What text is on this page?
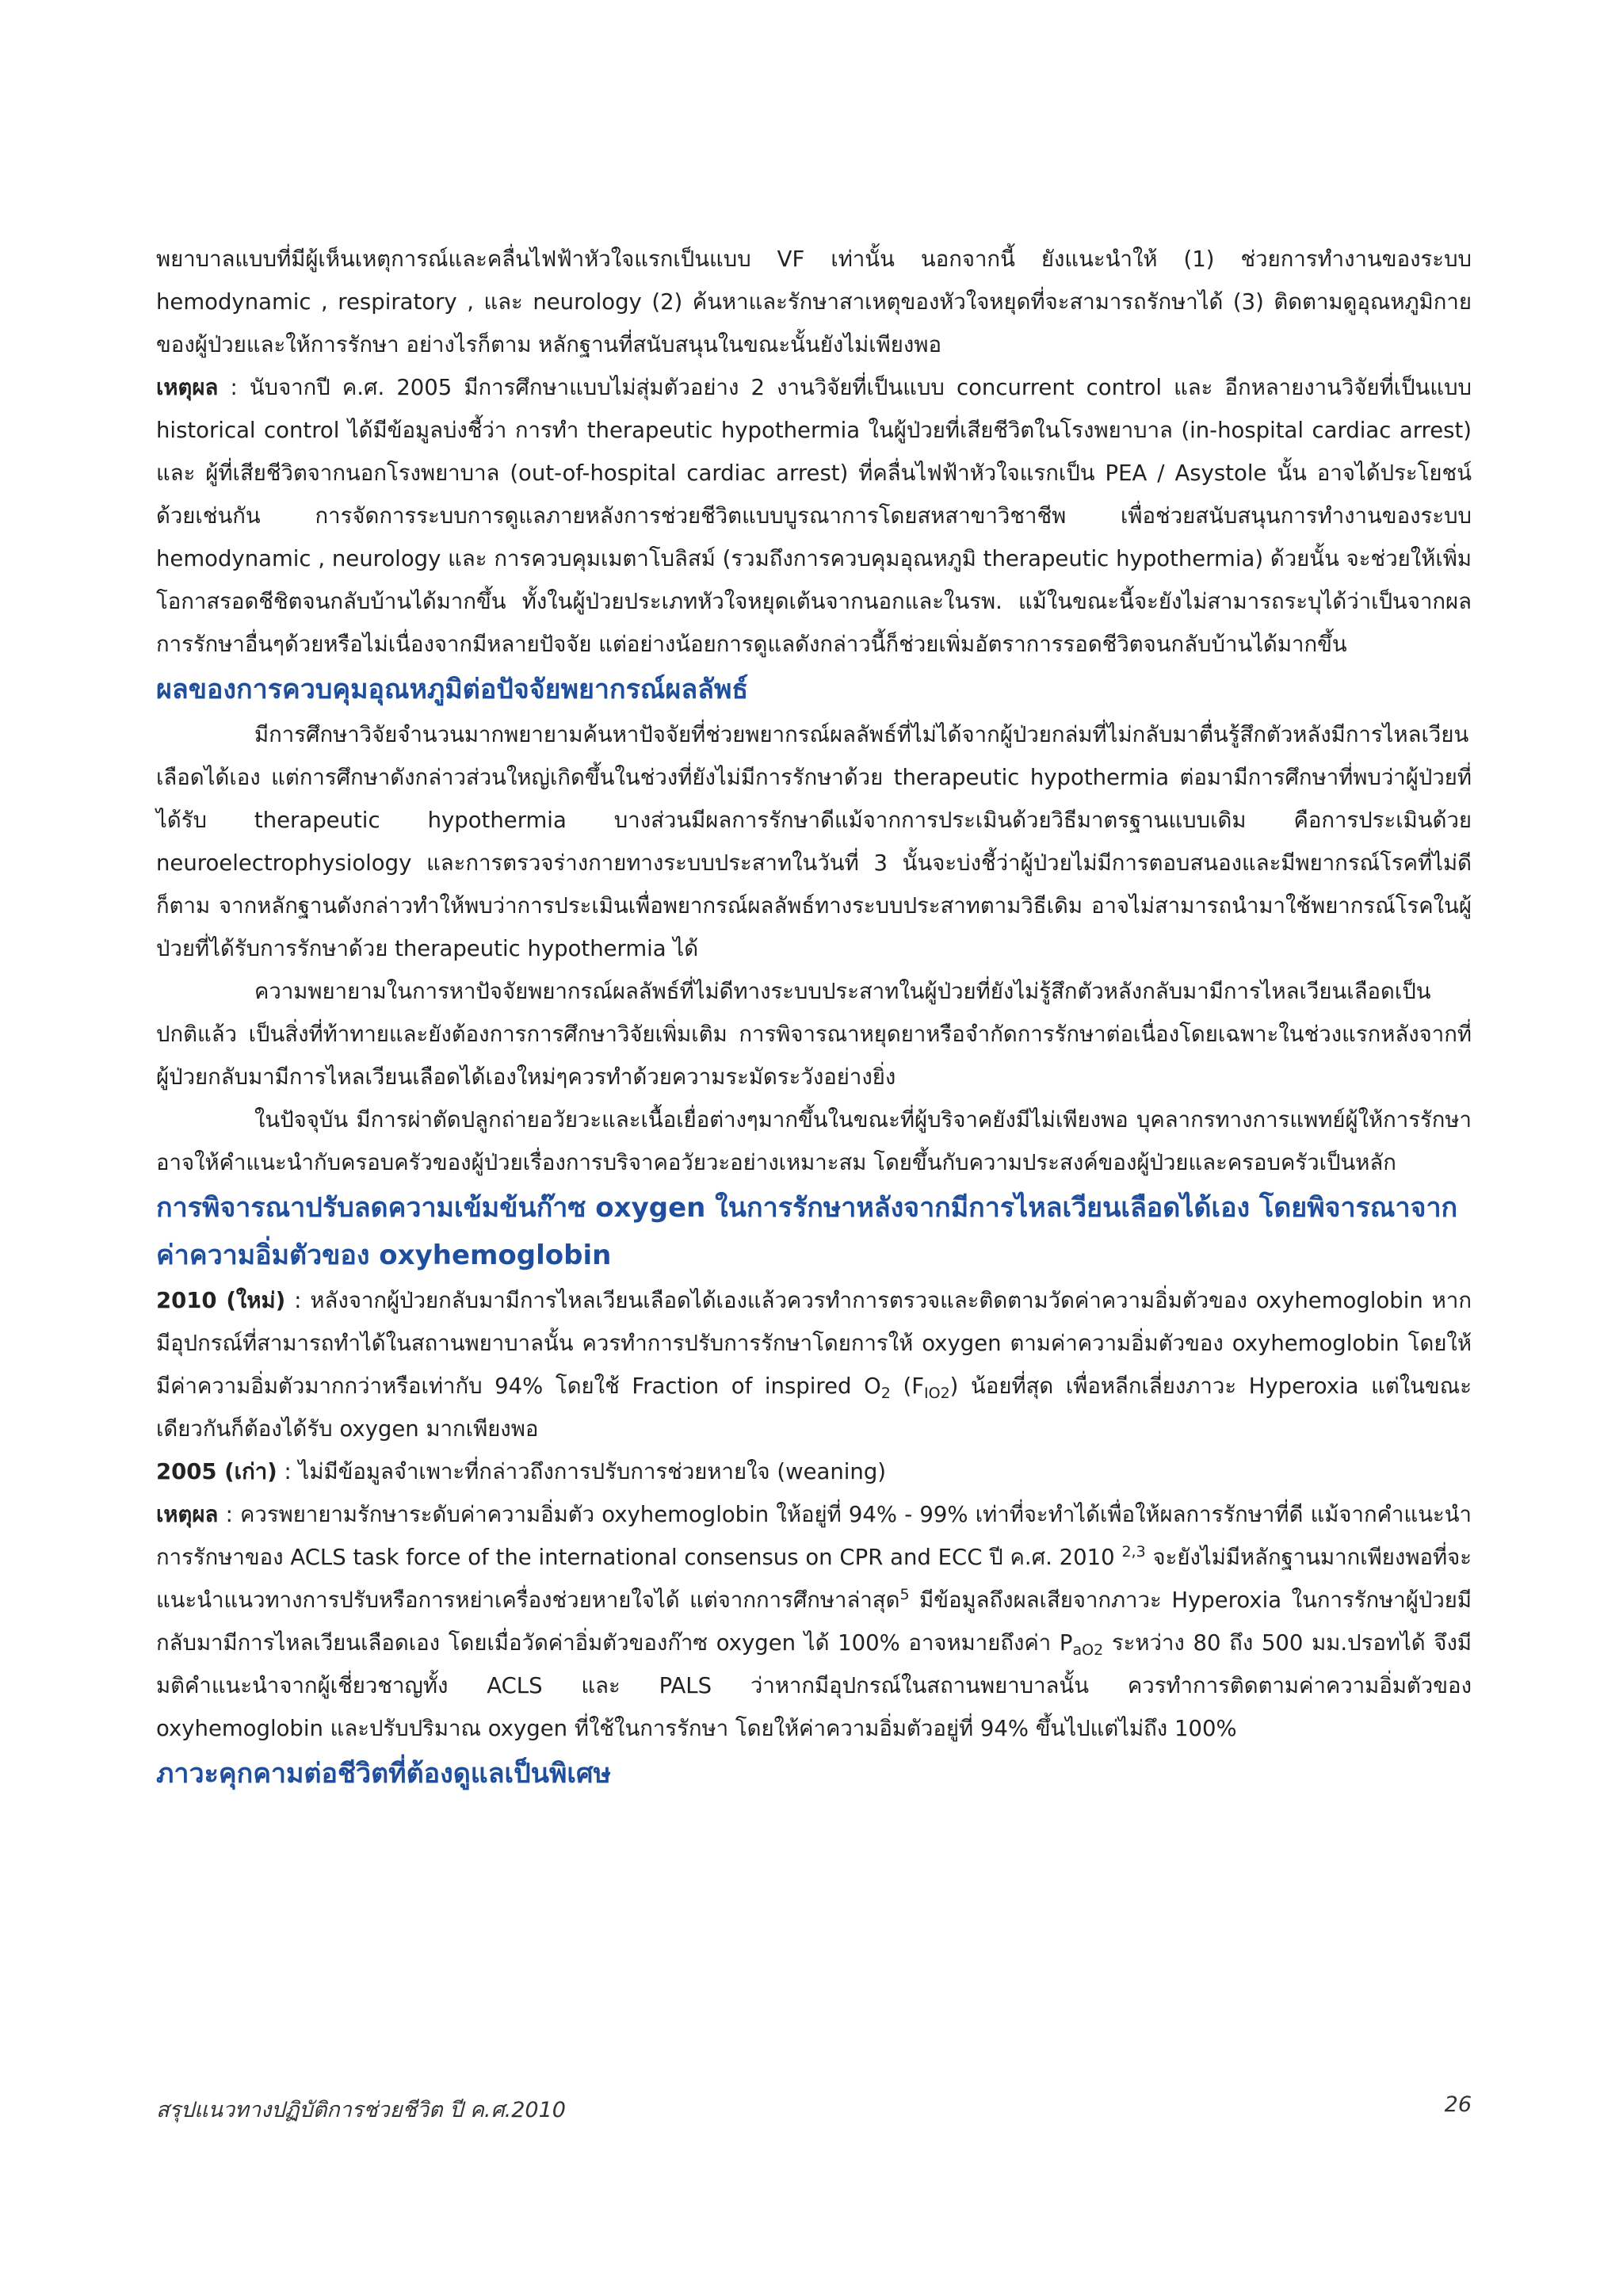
พยาบาลแบบที่มีผู้เห็นเหตุการณ์และคลื่นไฟฟ้าหัวใจแรกเป็นแบบ VF เท่านั้น นอกจากนี้ ยังแนะนำให้ (1) ช่วยการทำงานของระบบ hemodynamic , respiratory , และ neurology (2) ค้นหาและรักษาสาเหตุของหัวใจหยุดที่จะสามารถรักษาได้ (3) ติดตามดูอุณหภูมิกายของผู้ป่วยและให้การรักษา อย่างไรก็ตาม หลักฐานที่สนับสนุนในขณะนั้นยังไม่เพียงพอ

เหตุผล : นับจากปี ค.ศ. 2005 มีการศึกษาแบบไม่สุ่มตัวอย่าง 2 งานวิจัยที่เป็นแบบ concurrent control และ อีกหลายงานวิจัยที่เป็นแบบ historical control ได้มีข้อมูลบ่งชี้ว่า การทำ therapeutic hypothermia ในผู้ป่วยที่เสียชีวิตในโรงพยาบาล (in-hospital cardiac arrest) และ ผู้ที่เสียชีวิตจากนอกโรงพยาบาล (out-of-hospital cardiac arrest) ที่คลื่นไฟฟ้าหัวใจแรกเป็น PEA / Asystole นั้น อาจได้ประโยชน์ด้วยเช่นกัน การจัดการระบบการดูแลภายหลังการช่วยชีวิตแบบบูรณาการโดยสหสาขาวิชาชีพ เพื่อช่วยสนับสนุนการทำงานของระบบ hemodynamic , neurology และ การควบคุมเมตาโบลิสม์ (รวมถึงการควบคุมอุณหภูมิ therapeutic hypothermia) ด้วยนั้น จะช่วยให้เพิ่มโอกาสรอดชีชิตจนกลับบ้านได้มากขึ้น ทั้งในผู้ป่วยประเภทหัวใจหยุดเต้นจากนอกและในรพ. แม้ในขณะนี้จะยังไม่สามารถระบุได้ว่าเป็นจากผลการรักษาอื่นๆด้วยหรือไม่เนื่องจากมีหลายปัจจัย แต่อย่างน้อยการดูแลดังกล่าวนี้ก็ช่วยเพิ่มอัตราการรอดชีวิตจนกลับบ้านได้มากขึ้น

ผลของการควบคุมอุณหภูมิต่อปัจจัยพยากรณ์ผลลัพธ์

มีการศึกษาวิจัยจำนวนมากพยายามค้นหาปัจจัยที่ช่วยพยากรณ์ผลลัพธ์ที่ไม่ได้จากผู้ป่วยกล่มที่ไม่กลับมาตื่นรู้สึกตัวหลังมีการไหลเวียนเลือดได้เอง แต่การศึกษาดังกล่าวส่วนใหญ่เกิดขึ้นในช่วงที่ยังไม่มีการรักษาด้วย therapeutic hypothermia ต่อมามีการศึกษาที่พบว่าผู้ป่วยที่ได้รับ therapeutic hypothermia บางส่วนมีผลการรักษาดีแม้จากการประเมินด้วยวิธีมาตรฐานแบบเดิม คือการประเมินด้วย neuroelectrophysiology และการตรวจร่างกายทางระบบประสาทในวันที่ 3 นั้นจะบ่งชี้ว่าผู้ป่วยไม่มีการตอบสนองและมีพยากรณ์โรคที่ไม่ดีก็ตาม จากหลักฐานดังกล่าวทำให้พบว่าการประเมินเพื่อพยากรณ์ผลลัพธ์ทางระบบประสาทตามวิธีเดิม อาจไม่สามารถนำมาใช้พยากรณ์โรคในผู้ป่วยที่ได้รับการรักษาด้วย therapeutic hypothermia ได้

ความพยายามในการหาปัจจัยพยากรณ์ผลลัพธ์ที่ไม่ดีทางระบบประสาทในผู้ป่วยที่ยังไม่รู้สึกตัวหลังกลับมามีการไหลเวียนเลือดเป็นปกติแล้ว เป็นสิ่งที่ท้าทายและยังต้องการการศึกษาวิจัยเพิ่มเติม การพิจารณาหยุดยาหรือจำกัดการรักษาต่อเนื่องโดยเฉพาะในช่วงแรกหลังจากที่ผู้ป่วยกลับมามีการไหลเวียนเลือดได้เองใหม่ๆควรทำด้วยความระมัดระวังอย่างยิ่ง

ในปัจจุบัน มีการผ่าตัดปลูกถ่ายอวัยวะและเนื้อเยื่อต่างๆมากขึ้นในขณะที่ผู้บริจาคยังมีไม่เพียงพอ บุคลากรทางการแพทย์ผู้ให้การรักษาอาจให้คำแนะนำกับครอบครัวของผู้ป่วยเรื่องการบริจาคอวัยวะอย่างเหมาะสม โดยขึ้นกับความประสงค์ของผู้ป่วยและครอบครัวเป็นหลัก

การพิจารณาปรับลดความเข้มข้นก๊าซ oxygen ในการรักษาหลังจากมีการไหลเวียนเลือดได้เอง โดยพิจารณาจากค่าความอิ่มตัวของ oxyhemoglobin

2010 (ใหม่) : หลังจากผู้ป่วยกลับมามีการไหลเวียนเลือดได้เองแล้วควรทำการตรวจและติดตามวัดค่าความอิ่มตัวของ oxyhemoglobin หากมีอุปกรณ์ที่สามารถทำได้ในสถานพยาบาลนั้น ควรทำการปรับการรักษาโดยการให้ oxygen ตามค่าความอิ่มตัวของ oxyhemoglobin โดยให้มีค่าความอิ่มตัวมากกว่าหรือเท่ากับ 94% โดยใช้ Fraction of inspired $O_2$ $(F_{IO2})$ น้อยที่สุด เพื่อหลีกเลี่ยงภาวะ Hyperoxia แต่ในขณะเดียวกันก็ต้องได้รับ oxygen มากเพียงพอ

2005 (เก่า) : ไม่มีข้อมูลจำเพาะที่กล่าวถึงการปรับการช่วยหายใจ (weaning)

เหตุผล : ควรพยายามรักษาระดับค่าความอิ่มตัว oxyhemoglobin ให้อยู่ที่ 94% - 99% เท่าที่จะทำได้เพื่อให้ผลการรักษาที่ดี แม้จากคำแนะนำการรักษาของ ACLS task force of the international consensus on CPR and ECC ปี ค.ศ. 2010 $^{2,3}$ จะยังไม่มีหลักฐานมากเพียงพอที่จะแนะนำแนวทางการปรับหรือการหย่าเครื่องช่วยหายใจได้ แต่จากการศึกษาล่าสุด$^5$ มีข้อมูลถึงผลเสียจากภาวะ Hyperoxia ในการรักษาผู้ป่วยมีกลับมามีการไหลเวียนเลือดเอง โดยเมื่อวัดค่าอิ่มตัวของก๊าซ oxygen ได้ 100% อาจหมายถึงค่า $P_{aO2}$ ระหว่าง 80 ถึง 500 มม.ปรอทได้ จึงมีมติคำแนะนำจากผู้เชี่ยวชาญทั้ง ACLS และ PALS ว่าหากมีอุปกรณ์ในสถานพยาบาลนั้น ควรทำการติดตามค่าความอิ่มตัวของ oxyhemoglobin และปรับปริมาณ oxygen ที่ใช้ในการรักษา โดยให้ค่าความอิ่มตัวอยู่ที่ 94% ขึ้นไปแต่ไม่ถึง 100%

ภาวะคุกคามต่อชีวิตที่ต้องดูแลเป็นพิเศษ
สรุปแนวทางปฏิบัติการช่วยชีวิต ปี ค.ศ.2010	26
